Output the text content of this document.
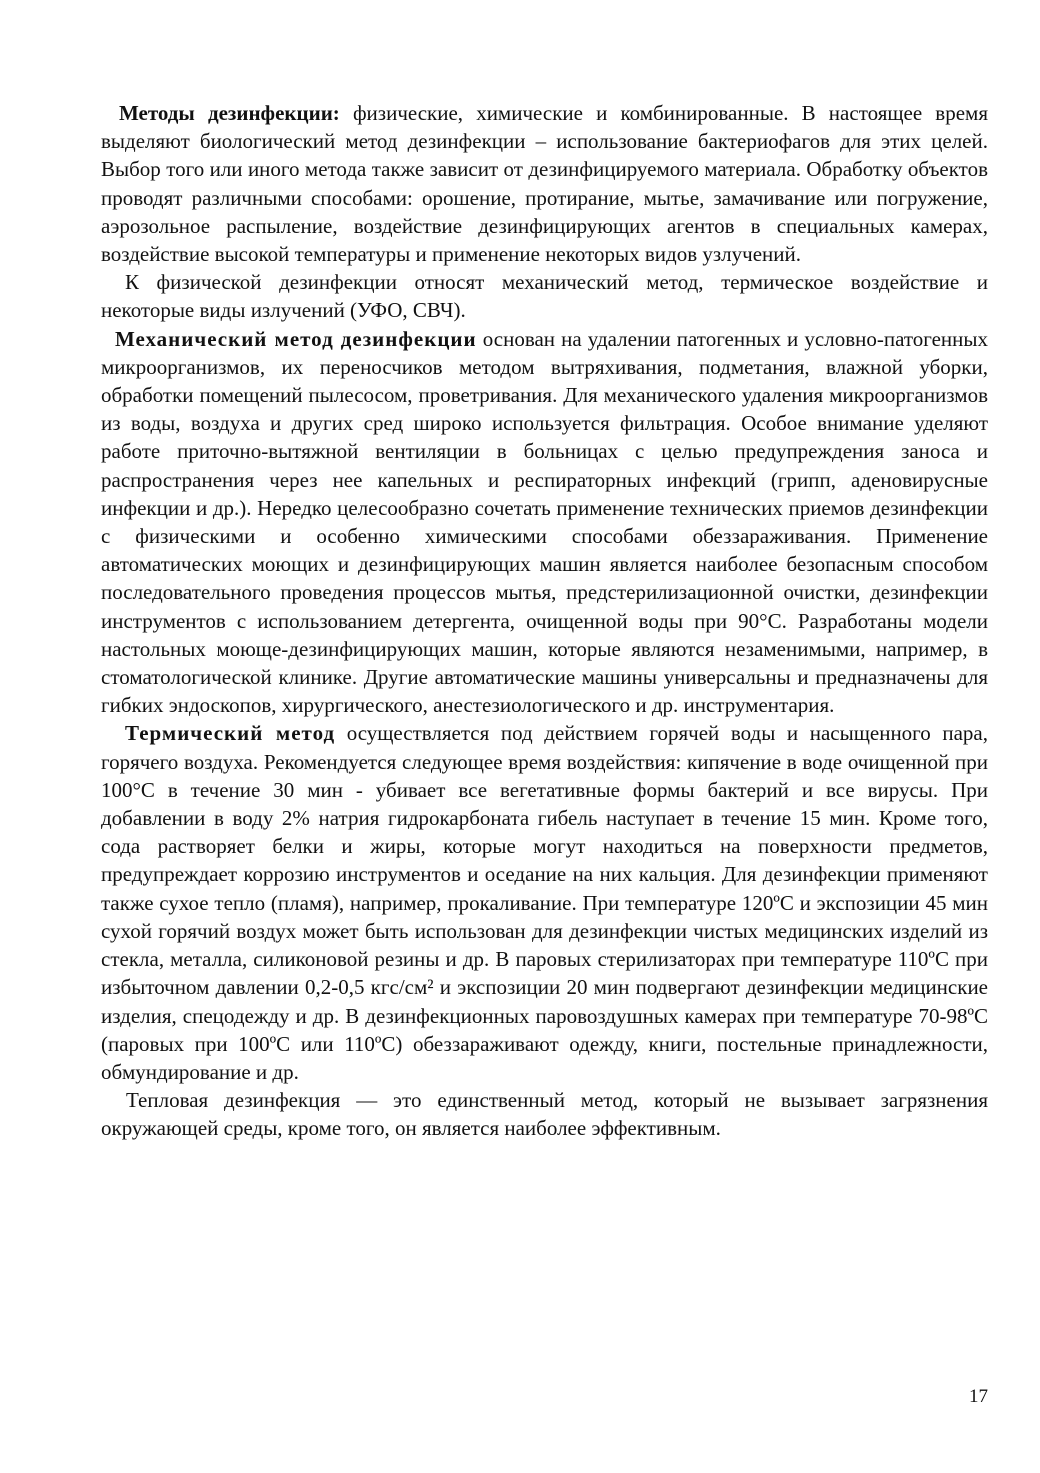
Методы дезинфекции: физические, химические и комбинированные. В настоящее время выделяют биологический метод дезинфекции – использование бактериофагов для этих целей. Выбор того или иного метода также зависит от дезинфицируемого материала. Обработку объектов проводят различными способами: орошение, протирание, мытье, замачивание или погружение, аэрозольное распыление, воздействие дезинфицирующих агентов в специальных камерах, воздействие высокой температуры и применение некоторых видов узлучений.

К физической дезинфекции относят механический метод, термическое воздействие и некоторые виды излучений (УФО, СВЧ).

Механический метод дезинфекции основан на удалении патогенных и условно-патогенных микроорганизмов, их переносчиков методом вытряхивания, подметания, влажной уборки, обработки помещений пылесосом, проветривания. Для механического удаления микроорганизмов из воды, воздуха и других сред широко используется фильтрация. Особое внимание уделяют работе приточно-вытяжной вентиляции в больницах с целью предупреждения заноса и распространения через нее капельных и респираторных инфекций (грипп, аденовирусные инфекции и др.). Нередко целесообразно сочетать применение технических приемов дезинфекции с физическими и особенно химическими способами обеззараживания. Применение автоматических моющих и дезинфицирующих машин является наиболее безопасным способом последовательного проведения процессов мытья, предстерилизационной очистки, дезинфекции инструментов с использованием детергента, очищенной воды при 90°С. Разработаны модели настольных моюще-дезинфицирующих машин, которые являются незаменимыми, например, в стоматологической клинике. Другие автоматические машины универсальны и предназначены для гибких эндоскопов, хирургического, анестезиологического и др. инструментария.

Термический метод осуществляется под действием горячей воды и насыщенного пара, горячего воздуха. Рекомендуется следующее время воздействия: кипячение в воде очищенной при 100°С в течение 30 мин - убивает все вегетативные формы бактерий и все вирусы. При добавлении в воду 2% натрия гидрокарбоната гибель наступает в течение 15 мин. Кроме того, сода растворяет белки и жиры, которые могут находиться на поверхности предметов, предупреждает коррозию инструментов и оседание на них кальция. Для дезинфекции применяют также сухое тепло (пламя), например, прокаливание. При температуре 120ºС и экспозиции 45 мин сухой горячий воздух может быть использован для дезинфекции чистых медицинских изделий из стекла, металла, силиконовой резины и др. В паровых стерилизаторах при температуре 110ºС при избыточном давлении 0,2-0,5 кгс/см² и экспозиции 20 мин подвергают дезинфекции медицинские изделия, спецодежду и др. В дезинфекционных паровоздушных камерах при температуре 70-98ºС (паровых при 100ºС или 110ºС) обеззараживают одежду, книги, постельные принадлежности, обмундирование и др.

Тепловая дезинфекция — это единственный метод, который не вызывает загрязнения окружающей среды, кроме того, он является наиболее эффективным.

17
